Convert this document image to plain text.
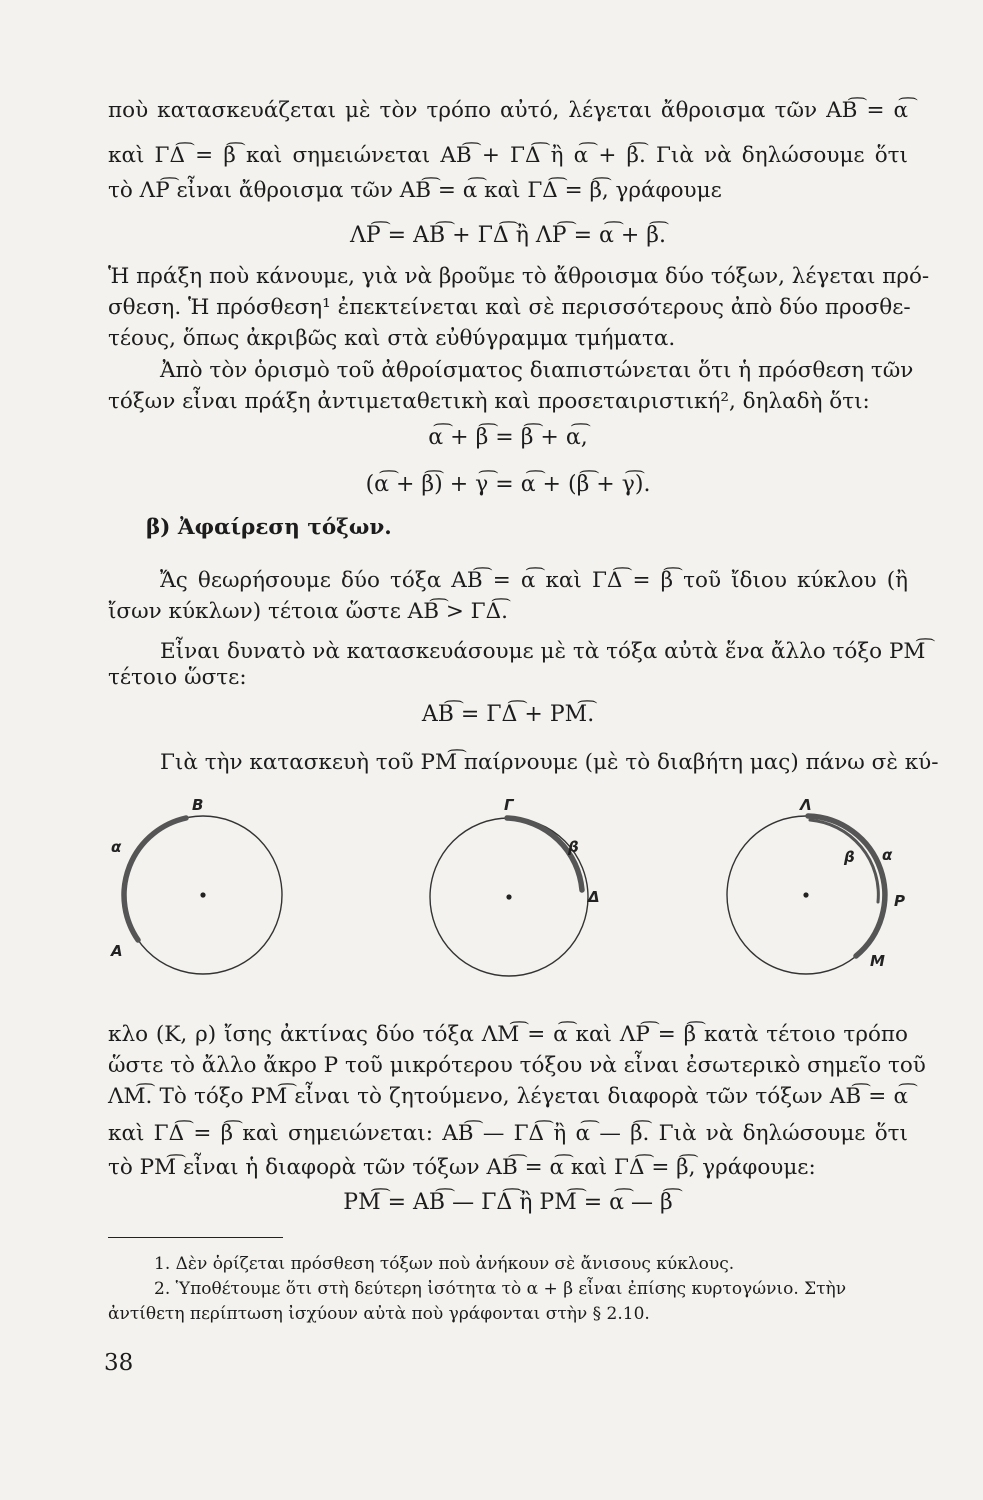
ποὺ κατασκευάζεται μὲ τὸν τρόπο αὐτό, λέγεται ἄθροισμα τῶν ΑΒ͡ = α͡
καὶ ΓΔ͡ = β͡ καὶ σημειώνεται ΑΒ͡ + ΓΔ͡ ἢ α͡ + β͡. Γιὰ νὰ δηλώσουμε ὅτι
τὸ ΛΡ͡ εἶναι ἄθροισμα τῶν ΑΒ͡ = α͡ καὶ ΓΔ͡ = β͡, γράφουμε
ΛΡ͡ = ΑΒ͡ + ΓΔ͡ ἢ ΛΡ͡ = α͡ + β͡.
Ἡ πράξη ποὺ κάνουμε, γιὰ νὰ βροῦμε τὸ ἄθροισμα δύο τόξων, λέγεται πρό-
σθεση. Ἡ πρόσθεση¹ ἐπεκτείνεται καὶ σὲ περισσότερους ἀπὸ δύο προσθε-
τέους, ὅπως ἀκριβῶς καὶ στὰ εὐθύγραμμα τμήματα.
Ἀπὸ τὸν ὁρισμὸ τοῦ ἀθροίσματος διαπιστώνεται ὅτι ἡ πρόσθεση τῶν
τόξων εἶναι πράξη ἀντιμεταθετικὴ καὶ προσεταιριστική², δηλαδὴ ὅτι:
α͡ + β͡ = β͡ + α͡,
(α͡ + β͡) + γ͡ = α͡ + (β͡ + γ͡).
β) Ἀφαίρεση τόξων.
Ἄς θεωρήσουμε δύο τόξα ΑΒ͡ = α͡ καὶ ΓΔ͡ = β͡ τοῦ ἴδιου κύκλου (ἢ
ἴσων κύκλων) τέτοια ὥστε ΑΒ͡ > ΓΔ͡.
Εἶναι δυνατὸ νὰ κατασκευάσουμε μὲ τὰ τόξα αὐτὰ ἕνα ἄλλο τόξο ΡΜ͡
τέτοιο ὥστε:
ΑΒ͡ = ΓΔ͡ + ΡΜ͡.
Γιὰ τὴν κατασκευὴ τοῦ ΡΜ͡ παίρνουμε (μὲ τὸ διαβήτη μας) πάνω σὲ κύ-
Β
α
Α
Γ
β
Δ
Λ
β α
Ρ
Μ
κλο (Κ, ρ) ἴσης ἀκτίνας δύο τόξα ΛΜ͡ = α͡ καὶ ΛΡ͡ = β͡ κατὰ τέτοιο τρόπο
ὥστε τὸ ἄλλο ἄκρο Ρ τοῦ μικρότερου τόξου νὰ εἶναι ἐσωτερικὸ σημεῖο τοῦ
ΛΜ͡. Τὸ τόξο ΡΜ͡ εἶναι τὸ ζητούμενο, λέγεται διαφορὰ τῶν τόξων ΑΒ͡ = α͡
καὶ ΓΔ͡ = β͡ καὶ σημειώνεται: ΑΒ͡ — ΓΔ͡ ἢ α͡ — β͡. Γιὰ νὰ δηλώσουμε ὅτι
τὸ ΡΜ͡ εἶναι ἡ διαφορὰ τῶν τόξων ΑΒ͡ = α͡ καὶ ΓΔ͡ = β͡, γράφουμε:
ΡΜ͡ = ΑΒ͡ — ΓΔ͡ ἢ ΡΜ͡ = α͡ — β͡
1. Δὲν ὁρίζεται πρόσθεση τόξων ποὺ ἀνήκουν σὲ ἄνισους κύκλους.
2. Ὑποθέτουμε ὅτι στὴ δεύτερη ἰσότητα τὸ α + β εἶναι ἐπίσης κυρτογώνιο. Στὴν
ἀντίθετη περίπτωση ἰσχύουν αὐτὰ ποὺ γράφονται στὴν § 2.10.
38
